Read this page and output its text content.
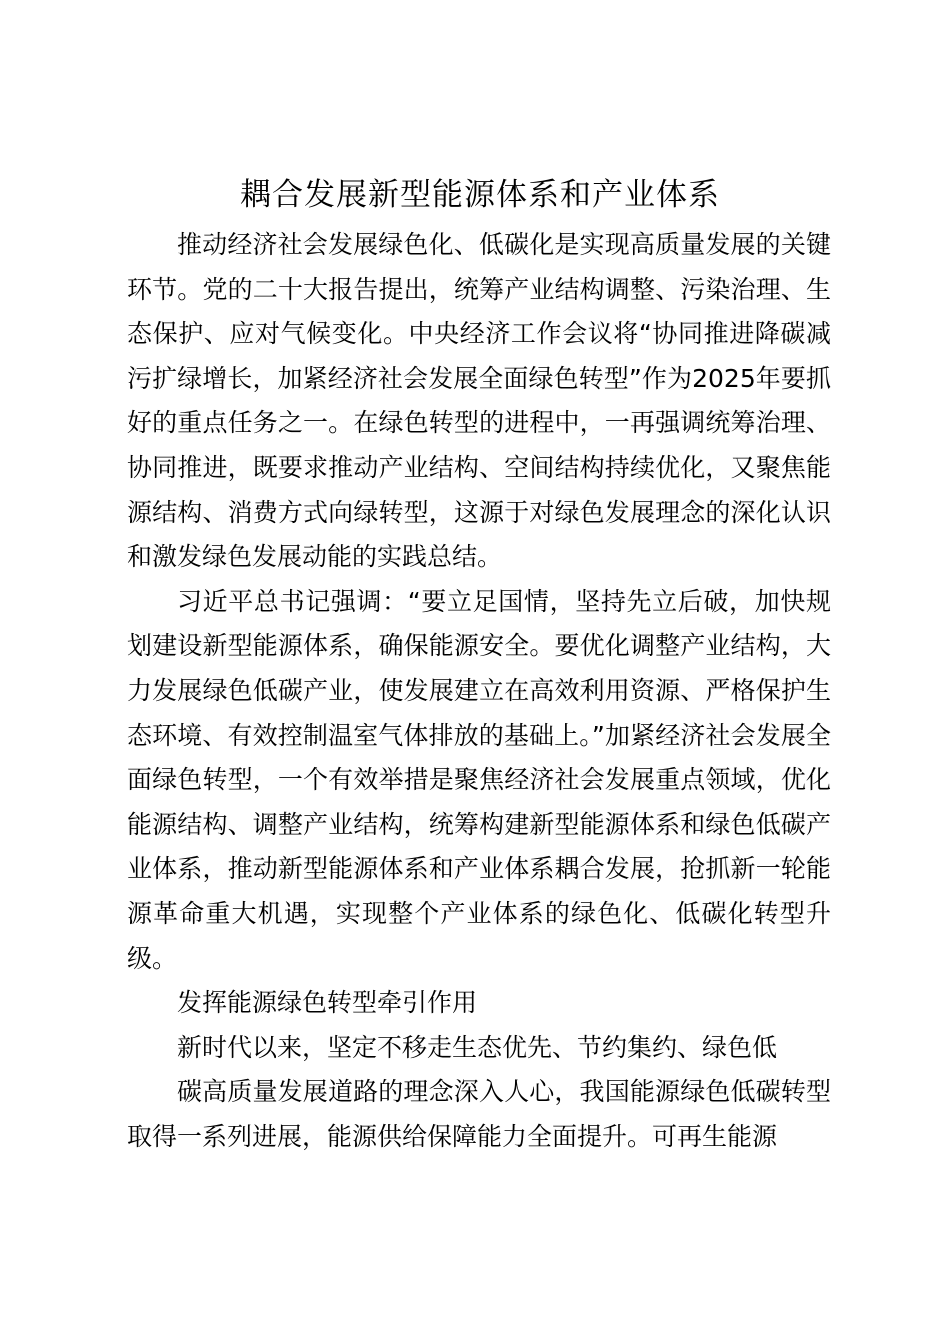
耦合发展新型能源体系和产业体系

推动经济社会发展绿色化、低碳化是实现高质量发展的关键环节。党的二十大报告提出，统筹产业结构调整、污染治理、生态保护、应对气候变化。中央经济工作会议将“协同推进降碳减污扩绿增长，加紧经济社会发展全面绿色转型”作为2025年要抓好的重点任务之一。在绿色转型的进程中，一再强调统筹治理、协同推进，既要求推动产业结构、空间结构持续优化，又聚焦能源结构、消费方式向绿转型，这源于对绿色发展理念的深化认识和激发绿色发展动能的实践总结。

习近平总书记强调：“要立足国情，坚持先立后破，加快规划建设新型能源体系，确保能源安全。要优化调整产业结构，大力发展绿色低碳产业，使发展建立在高效利用资源、严格保护生态环境、有效控制温室气体排放的基础上。”加紧经济社会发展全面绿色转型，一个有效举措是聚焦经济社会发展重点领域，优化能源结构、调整产业结构，统筹构建新型能源体系和绿色低碳产业体系，推动新型能源体系和产业体系耦合发展，抢抓新一轮能源革命重大机遇，实现整个产业体系的绿色化、低碳化转型升级。

发挥能源绿色转型牵引作用

新时代以来，坚定不移走生态优先、节约集约、绿色低

碳高质量发展道路的理念深入人心，我国能源绿色低碳转型取得一系列进展，能源供给保障能力全面提升。可再生能源
